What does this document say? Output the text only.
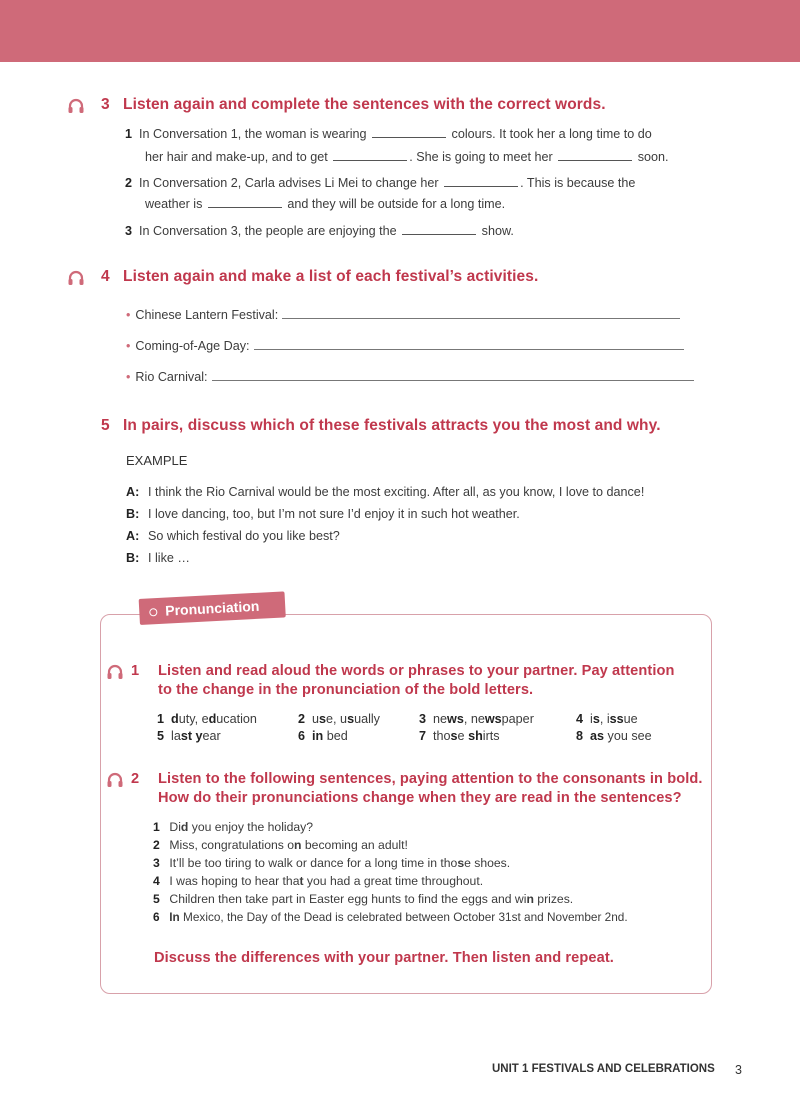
3 Listen again and complete the sentences with the correct words.
1 In Conversation 1, the woman is wearing	colours. It took her a long time to do
her hair and make-up, and to get	. She is going to meet her	soon.
2 In Conversation 2, Carla advises Li Mei to change her	. This is because the
weather is	and they will be outside for a long time.
3 In Conversation 3, the people are enjoying the	show.
4 Listen again and make a list of each festival’s activities.
• Chinese Lantern Festival:
• Coming-of-Age Day:
• Rio Carnival:
5 In pairs, discuss which of these festivals attracts you the most and why.
EXAMPLE
A: I think the Rio Carnival would be the most exciting. After all, as you know, I love to dance!
B: I love dancing, too, but I’m not sure I’d enjoy it in such hot weather.
A: So which festival do you like best?
B: I like …
Pronunciation
1 Listen and read aloud the words or phrases to your partner. Pay attention
to the change in the pronunciation of the bold letters.
1 duty, education	2 use, usually	3 news, newspaper	4 is, issue
5 last year	6 in bed	7 those shirts	8 as you see
2 Listen to the following sentences, paying attention to the consonants in bold.
How do their pronunciations change when they are read in the sentences?
1 Did you enjoy the holiday?
2 Miss, congratulations on becoming an adult!
3 It’ll be too tiring to walk or dance for a long time in those shoes.
4 I was hoping to hear that you had a great time throughout.
5 Children then take part in Easter egg hunts to find the eggs and win prizes.
6 In Mexico, the Day of the Dead is celebrated between October 31st and November 2nd.
Discuss the differences with your partner. Then listen and repeat.
UNIT 1 FESTIVALS AND CELEBRATIONS 3
